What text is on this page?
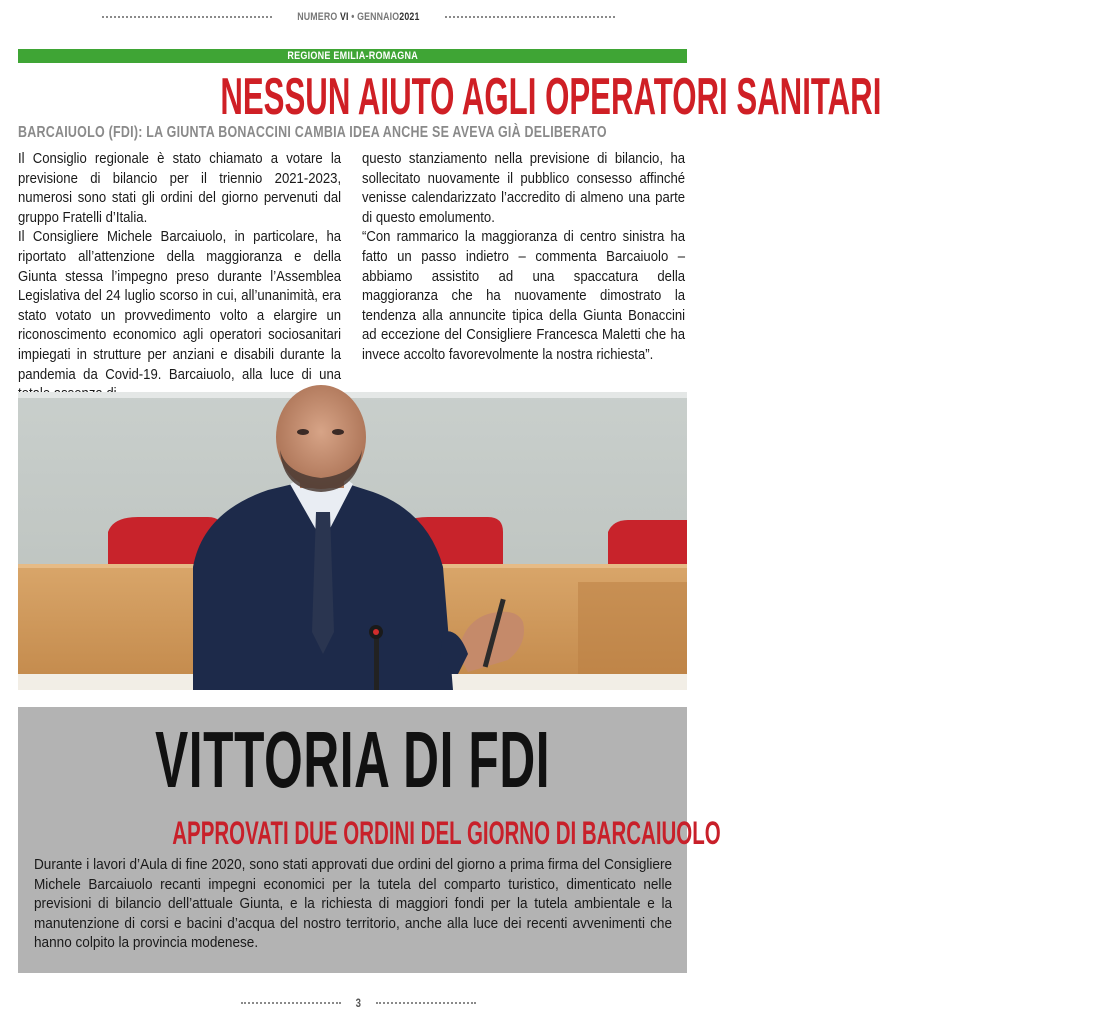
NUMERO VI • GENNAIO2021
REGIONE EMILIA-ROMAGNA
NESSUN AIUTO AGLI OPERATORI SANITARI
BARCAIUOLO (FDI): LA GIUNTA BONACCINI CAMBIA IDEA ANCHE SE AVEVA GIÀ DELIBERATO

Il Consiglio regionale è stato chiamato a votare la previsione di bilancio per il triennio 2021-2023, numerosi sono stati gli ordini del giorno pervenuti dal gruppo Fratelli d’Italia.

Il Consigliere Michele Barcaiuolo, in particolare, ha riportato all’attenzione della maggioranza e della Giunta stessa l’impegno preso durante l’Assemblea Legislativa del 24 luglio scorso in cui, all’unanimità, era stato votato un provvedimento volto a elargire un riconoscimento economico agli operatori sociosanitari impiegati in strutture per anziani e disabili durante la pandemia da Covid-19. Barcaiuolo, alla luce di una

questo stanziamento nella previsione di bilancio, ha sollecitato nuovamente il pubblico consesso affinché venisse calendarizzato l’accredito di almeno una parte di questo emolumento.

“Con rammarico la maggioranza di centro sinistra ha fatto un passo indietro – commenta Barcaiuolo –abbiamo assistito ad una spaccatura della maggioranza che ha nuovamente dimostrato la tendenza alla annuncite tipica della Giunta Bonaccini ad eccezione del Consigliere Francesca Maletti che ha invece accolto favorevolmente la nostra richiesta”.

VITTORIA DI FDI
APPROVATI DUE ORDINI DEL GIORNO DI BARCAIUOLO
Durante i lavori d’Aula di fine 2020, sono stati approvati due ordini del giorno a prima firma del Consigliere Michele Barcaiuolo recanti impegni economici per la tutela del comparto turistico, dimenticato nelle previsioni di bilancio dell’attuale Giunta, e la richiesta di maggiori fondi per la tutela ambientale e la manutenzione di corsi e bacini d’acqua del nostro territorio, anche alla luce dei recenti avvenimenti che hanno colpito la provincia modenese.
3
